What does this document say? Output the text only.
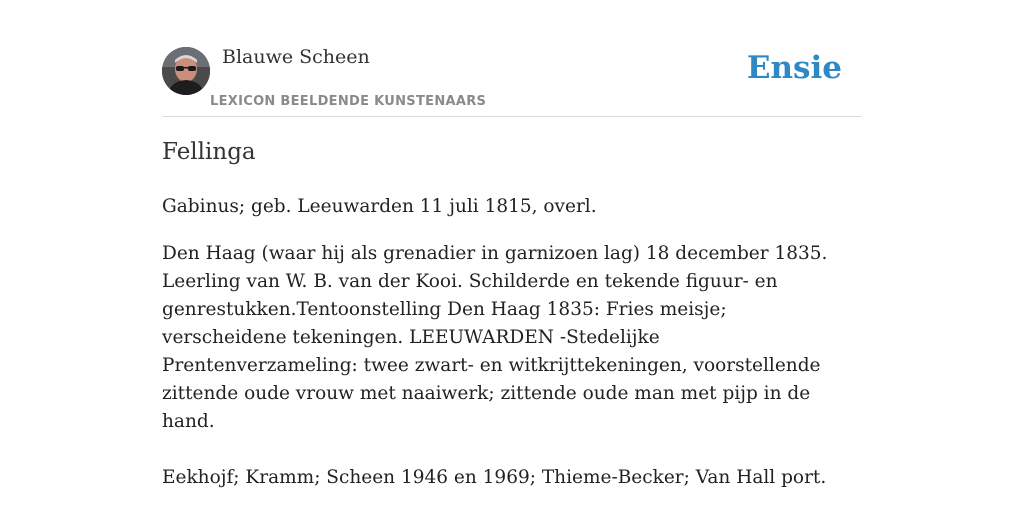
Blauwe Scheen
LEXICON BEELDENDE KUNSTENAARS
Ensie
Fellinga

Gabinus; geb. Leeuwarden 11 juli 1815, overl.

Den Haag (waar hij als grenadier in garnizoen lag) 18 december 1835. Leerling van W. B. van der Kooi. Schilderde en tekende figuur- en genrestukken.Tentoonstelling Den Haag 1835: Fries meisje; verscheidene tekeningen. LEEUWARDEN -Stedelijke Prentenverzameling: twee zwart- en witkrijttekeningen, voorstellende zittende oude vrouw met naaiwerk; zittende oude man met pijp in de hand.

Eekhojf; Kramm; Scheen 1946 en 1969; Thieme-Becker; Van Hall port.
